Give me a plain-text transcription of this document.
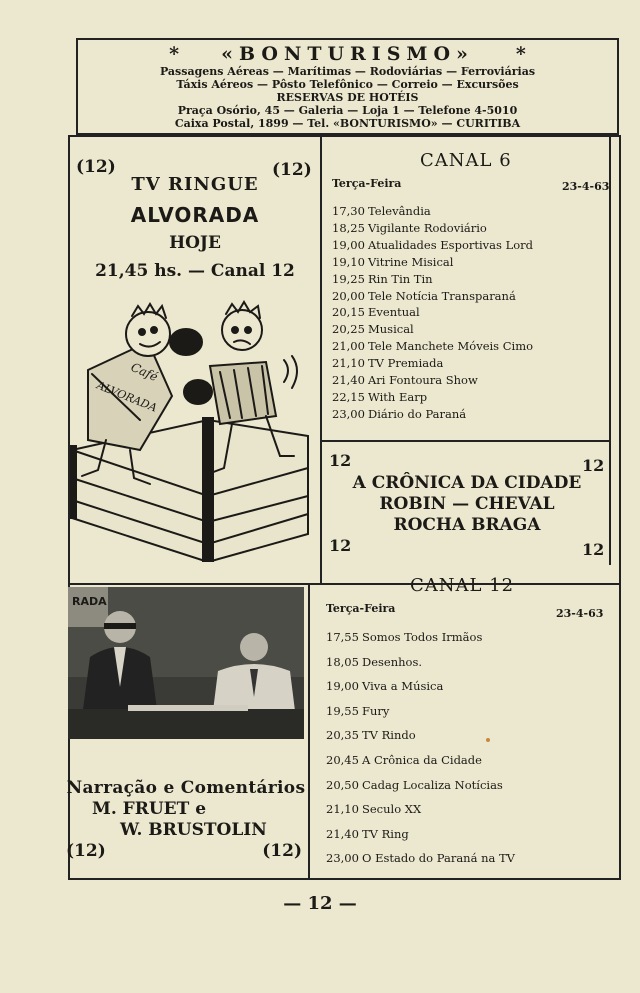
* «BONTURISMO» *
Passagens Aéreas — Marítimas — Rodoviárias — Ferroviárias
Táxis Aéreos — Pôsto Telefônico — Correio — Excursões
RESERVAS DE HOTÉIS
Praça Osório, 45 — Galeria — Loja 1 — Telefone 4-5010
Caixa Postal, 1899 — Tel. «BONTURISMO» — CURITIBA
(12)	(12)
TV RINGUE
ALVORADA
HOJE
21,45 hs. — Canal 12
Café
ALVORADA
RADA
Narração e Comentários
M. FRUET e
W. BRUSTOLIN
(12)	(12)
CANAL 6
Terça-Feira	23-4-63
17,30 Televândia
18,25 Vigilante Rodoviário
19,00 Atualidades Esportivas Lord
19,10 Vitrine Misical
19,25 Rin Tin Tin
20,00 Tele Notícia Transparaná
20,15 Eventual
20,25 Musical
21,00 Tele Manchete Móveis Cimo
21,10 TV Premiada
21,40 Ari Fontoura Show
22,15 With Earp
23,00 Diário do Paraná
12	12
A CRÔNICA DA CIDADE
ROBIN — CHEVAL
ROCHA BRAGA
12	12
CANAL 12
Terça-Feira	23-4-63
17,55 Somos Todos Irmãos
18,05 Desenhos.
19,00 Viva a Música
19,55 Fury
20,35 TV Rindo
20,45 A Crônica da Cidade
20,50 Cadag Localiza Notícias
21,10 Seculo XX
21,40 TV Ring
23,00 O Estado do Paraná na TV
— 12 —
